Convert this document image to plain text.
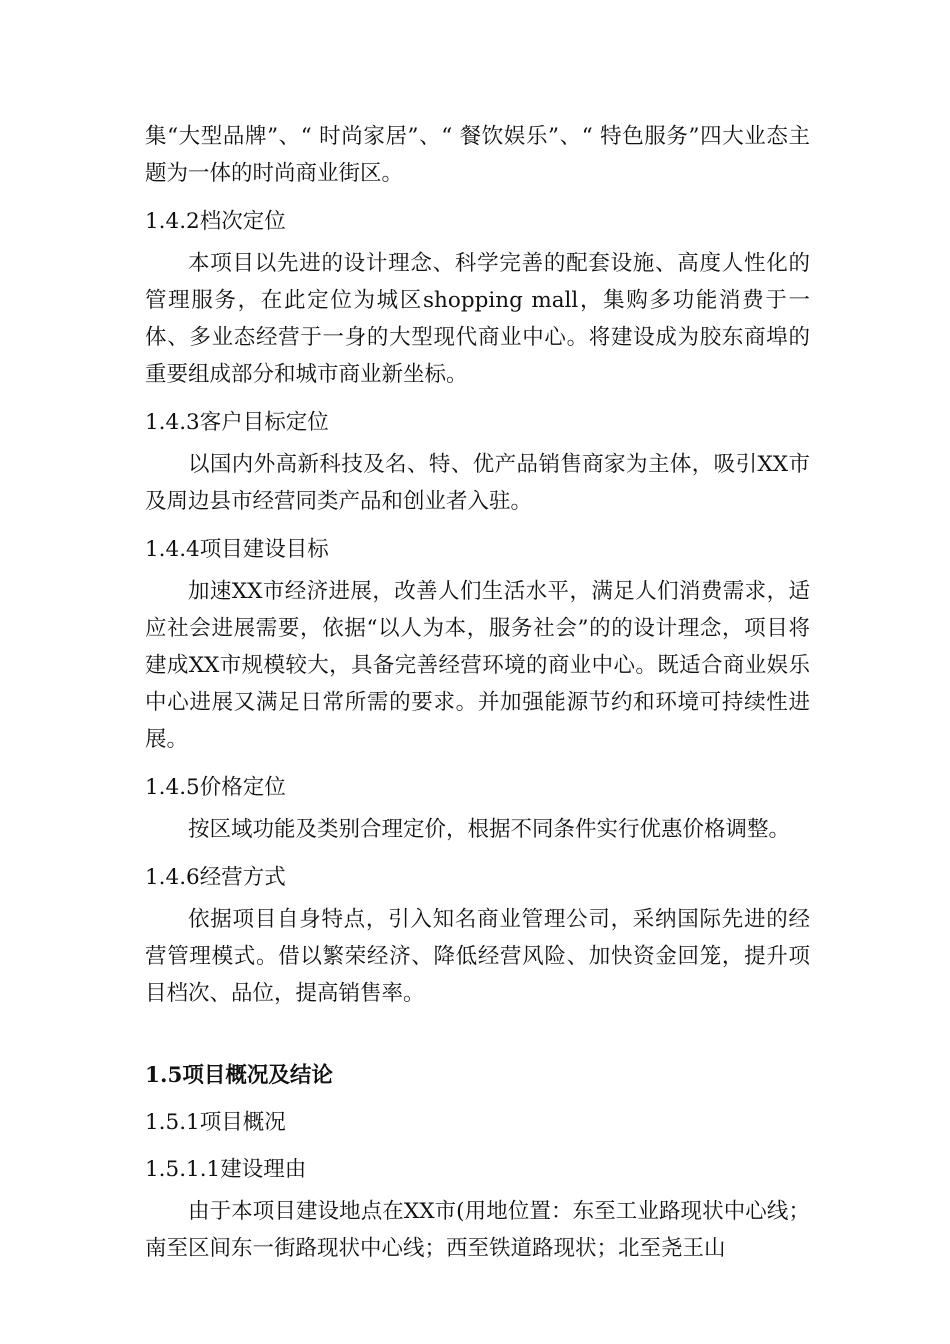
集“大型品牌”、“ 时尚家居”、“ 餐饮娱乐”、“ 特色服务”四大业态主题为一体的时尚商业街区。

1.4.2档次定位

本项目以先进的设计理念、科学完善的配套设施、高度人性化的管理服务，在此定位为城区shopping mall，集购多功能消费于一体、多业态经营于一身的大型现代商业中心。将建设成为胶东商埠的重要组成部分和城市商业新坐标。

1.4.3客户目标定位

以国内外高新科技及名、特、优产品销售商家为主体，吸引XX市及周边县市经营同类产品和创业者入驻。

1.4.4项目建设目标

加速XX市经济进展，改善人们生活水平，满足人们消费需求，适应社会进展需要，依据“以人为本，服务社会”的的设计理念，项目将建成XX市规模较大，具备完善经营环境的商业中心。既适合商业娱乐中心进展又满足日常所需的要求。并加强能源节约和环境可持续性进展。

1.4.5价格定位

按区域功能及类别合理定价，根据不同条件实行优惠价格调整。

1.4.6经营方式

依据项目自身特点，引入知名商业管理公司，采纳国际先进的经营管理模式。借以繁荣经济、降低经营风险、加快资金回笼，提升项目档次、品位，提高销售率。

1.5项目概况及结论

1.5.1项目概况

1.5.1.1建设理由

由于本项目建设地点在XX市(用地位置：东至工业路现状中心线；南至区间东一街路现状中心线；西至铁道路现状；北至尧王山
